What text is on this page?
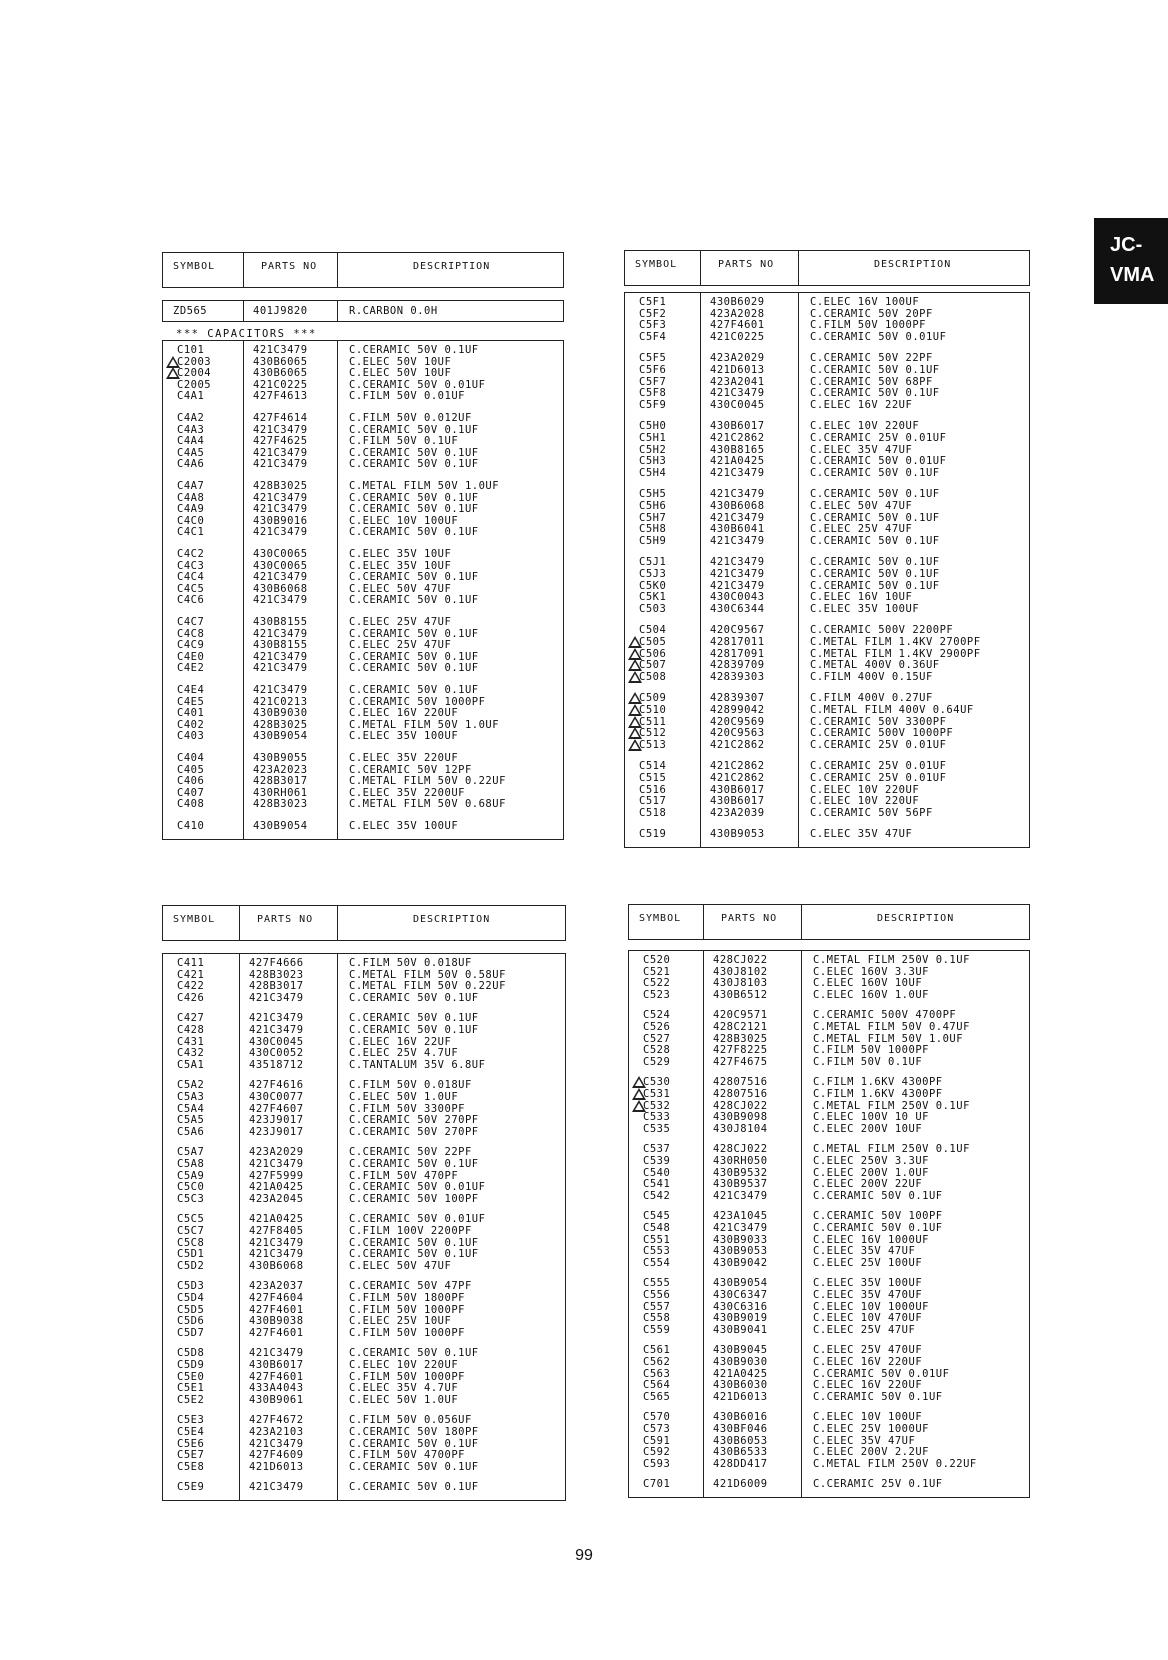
JC-
VMA
SYMBOL	PARTS NO	DESCRIPTION
ZD565	401J9820	R.CARBON 0.0H
*** CAPACITORS ***
C101	421C3479	C.CERAMIC 50V 0.1UF
C2003	430B6065	C.ELEC 50V 10UF
C2004	430B6065	C.ELEC 50V 10UF
C2005	421C0225	C.CERAMIC 50V 0.01UF
C4A1	427F4613	C.FILM 50V 0.01UF
C4A2	427F4614	C.FILM 50V 0.012UF
C4A3	421C3479	C.CERAMIC 50V 0.1UF
C4A4	427F4625	C.FILM 50V 0.1UF
C4A5	421C3479	C.CERAMIC 50V 0.1UF
C4A6	421C3479	C.CERAMIC 50V 0.1UF
C4A7	428B3025	C.METAL FILM 50V 1.0UF
C4A8	421C3479	C.CERAMIC 50V 0.1UF
C4A9	421C3479	C.CERAMIC 50V 0.1UF
C4C0	430B9016	C.ELEC 10V 100UF
C4C1	421C3479	C.CERAMIC 50V 0.1UF
C4C2	430C0065	C.ELEC 35V 10UF
C4C3	430C0065	C.ELEC 35V 10UF
C4C4	421C3479	C.CERAMIC 50V 0.1UF
C4C5	430B6068	C.ELEC 50V 47UF
C4C6	421C3479	C.CERAMIC 50V 0.1UF
C4C7	430B8155	C.ELEC 25V 47UF
C4C8	421C3479	C.CERAMIC 50V 0.1UF
C4C9	430B8155	C.ELEC 25V 47UF
C4E0	421C3479	C.CERAMIC 50V 0.1UF
C4E2	421C3479	C.CERAMIC 50V 0.1UF
C4E4	421C3479	C.CERAMIC 50V 0.1UF
C4E5	421C0213	C.CERAMIC 50V 1000PF
C401	430B9030	C.ELEC 16V 220UF
C402	428B3025	C.METAL FILM 50V 1.0UF
C403	430B9054	C.ELEC 35V 100UF
C404	430B9055	C.ELEC 35V 220UF
C405	423A2023	C.CERAMIC 50V 12PF
C406	428B3017	C.METAL FILM 50V 0.22UF
C407	430RH061	C.ELEC 35V 2200UF
C408	428B3023	C.METAL FILM 50V 0.68UF
C410	430B9054	C.ELEC 35V 100UF
SYMBOL	PARTS NO	DESCRIPTION
C5F1	430B6029	C.ELEC 16V 100UF
C5F2	423A2028	C.CERAMIC 50V 20PF
C5F3	427F4601	C.FILM 50V 1000PF
C5F4	421C0225	C.CERAMIC 50V 0.01UF
C5F5	423A2029	C.CERAMIC 50V 22PF
C5F6	421D6013	C.CERAMIC 50V 0.1UF
C5F7	423A2041	C.CERAMIC 50V 68PF
C5F8	421C3479	C.CERAMIC 50V 0.1UF
C5F9	430C0045	C.ELEC 16V 22UF
C5H0	430B6017	C.ELEC 10V 220UF
C5H1	421C2862	C.CERAMIC 25V 0.01UF
C5H2	430B8165	C.ELEC 35V 47UF
C5H3	421A0425	C.CERAMIC 50V 0.01UF
C5H4	421C3479	C.CERAMIC 50V 0.1UF
C5H5	421C3479	C.CERAMIC 50V 0.1UF
C5H6	430B6068	C.ELEC 50V 47UF
C5H7	421C3479	C.CERAMIC 50V 0.1UF
C5H8	430B6041	C.ELEC 25V 47UF
C5H9	421C3479	C.CERAMIC 50V 0.1UF
C5J1	421C3479	C.CERAMIC 50V 0.1UF
C5J3	421C3479	C.CERAMIC 50V 0.1UF
C5K0	421C3479	C.CERAMIC 50V 0.1UF
C5K1	430C0043	C.ELEC 16V 10UF
C503	430C6344	C.ELEC 35V 100UF
C504	420C9567	C.CERAMIC 500V 2200PF
C505	42817011	C.METAL FILM 1.4KV 2700PF
C506	42817091	C.METAL FILM 1.4KV 2900PF
C507	42839709	C.METAL 400V 0.36UF
C508	42839303	C.FILM 400V 0.15UF
C509	42839307	C.FILM 400V 0.27UF
C510	42899042	C.METAL FILM 400V 0.64UF
C511	420C9569	C.CERAMIC 50V 3300PF
C512	420C9563	C.CERAMIC 500V 1000PF
C513	421C2862	C.CERAMIC 25V 0.01UF
C514	421C2862	C.CERAMIC 25V 0.01UF
C515	421C2862	C.CERAMIC 25V 0.01UF
C516	430B6017	C.ELEC 10V 220UF
C517	430B6017	C.ELEC 10V 220UF
C518	423A2039	C.CERAMIC 50V 56PF
C519	430B9053	C.ELEC 35V 47UF
SYMBOL	PARTS NO	DESCRIPTION
C411	427F4666	C.FILM 50V 0.018UF
C421	428B3023	C.METAL FILM 50V 0.58UF
C422	428B3017	C.METAL FILM 50V 0.22UF
C426	421C3479	C.CERAMIC 50V 0.1UF
C427	421C3479	C.CERAMIC 50V 0.1UF
C428	421C3479	C.CERAMIC 50V 0.1UF
C431	430C0045	C.ELEC 16V 22UF
C432	430C0052	C.ELEC 25V 4.7UF
C5A1	43518712	C.TANTALUM 35V 6.8UF
C5A2	427F4616	C.FILM 50V 0.018UF
C5A3	430C0077	C.ELEC 50V 1.0UF
C5A4	427F4607	C.FILM 50V 3300PF
C5A5	423J9017	C.CERAMIC 50V 270PF
C5A6	423J9017	C.CERAMIC 50V 270PF
C5A7	423A2029	C.CERAMIC 50V 22PF
C5A8	421C3479	C.CERAMIC 50V 0.1UF
C5A9	427F5999	C.FILM 50V 470PF
C5C0	421A0425	C.CERAMIC 50V 0.01UF
C5C3	423A2045	C.CERAMIC 50V 100PF
C5C5	421A0425	C.CERAMIC 50V 0.01UF
C5C7	427F8405	C.FILM 100V 2200PF
C5C8	421C3479	C.CERAMIC 50V 0.1UF
C5D1	421C3479	C.CERAMIC 50V 0.1UF
C5D2	430B6068	C.ELEC 50V 47UF
C5D3	423A2037	C.CERAMIC 50V 47PF
C5D4	427F4604	C.FILM 50V 1800PF
C5D5	427F4601	C.FILM 50V 1000PF
C5D6	430B9038	C.ELEC 25V 10UF
C5D7	427F4601	C.FILM 50V 1000PF
C5D8	421C3479	C.CERAMIC 50V 0.1UF
C5D9	430B6017	C.ELEC 10V 220UF
C5E0	427F4601	C.FILM 50V 1000PF
C5E1	433A4043	C.ELEC 35V 4.7UF
C5E2	430B9061	C.ELEC 50V 1.0UF
C5E3	427F4672	C.FILM 50V 0.056UF
C5E4	423A2103	C.CERAMIC 50V 180PF
C5E6	421C3479	C.CERAMIC 50V 0.1UF
C5E7	427F4609	C.FILM 50V 4700PF
C5E8	421D6013	C.CERAMIC 50V 0.1UF
C5E9	421C3479	C.CERAMIC 50V 0.1UF
SYMBOL	PARTS NO	DESCRIPTION
C520	428CJ022	C.METAL FILM 250V 0.1UF
C521	430J8102	C.ELEC 160V 3.3UF
C522	430J8103	C.ELEC 160V 10UF
C523	430B6512	C.ELEC 160V 1.0UF
C524	420C9571	C.CERAMIC 500V 4700PF
C526	428C2121	C.METAL FILM 50V 0.47UF
C527	428B3025	C.METAL FILM 50V 1.0UF
C528	427F8225	C.FILM 50V 1000PF
C529	427F4675	C.FILM 50V 0.1UF
C530	42807516	C.FILM 1.6KV 4300PF
C531	42807516	C.FILM 1.6KV 4300PF
C532	428CJ022	C.METAL FILM 250V 0.1UF
C533	430B9098	C.ELEC 100V 10 UF
C535	430J8104	C.ELEC 200V 10UF
C537	428CJ022	C.METAL FILM 250V 0.1UF
C539	430RH050	C.ELEC 250V 3.3UF
C540	430B9532	C.ELEC 200V 1.0UF
C541	430B9537	C.ELEC 200V 22UF
C542	421C3479	C.CERAMIC 50V 0.1UF
C545	423A1045	C.CERAMIC 50V 100PF
C548	421C3479	C.CERAMIC 50V 0.1UF
C551	430B9033	C.ELEC 16V 1000UF
C553	430B9053	C.ELEC 35V 47UF
C554	430B9042	C.ELEC 25V 100UF
C555	430B9054	C.ELEC 35V 100UF
C556	430C6347	C.ELEC 35V 470UF
C557	430C6316	C.ELEC 10V 1000UF
C558	430B9019	C.ELEC 10V 470UF
C559	430B9041	C.ELEC 25V 47UF
C561	430B9045	C.ELEC 25V 470UF
C562	430B9030	C.ELEC 16V 220UF
C563	421A0425	C.CERAMIC 50V 0.01UF
C564	430B6030	C.ELEC 16V 220UF
C565	421D6013	C.CERAMIC 50V 0.1UF
C570	430B6016	C.ELEC 10V 100UF
C573	430BF046	C.ELEC 25V 1000UF
C591	430B6053	C.ELEC 35V 47UF
C592	430B6533	C.ELEC 200V 2.2UF
C593	428DD417	C.METAL FILM 250V 0.22UF
C701	421D6009	C.CERAMIC 25V 0.1UF
99
